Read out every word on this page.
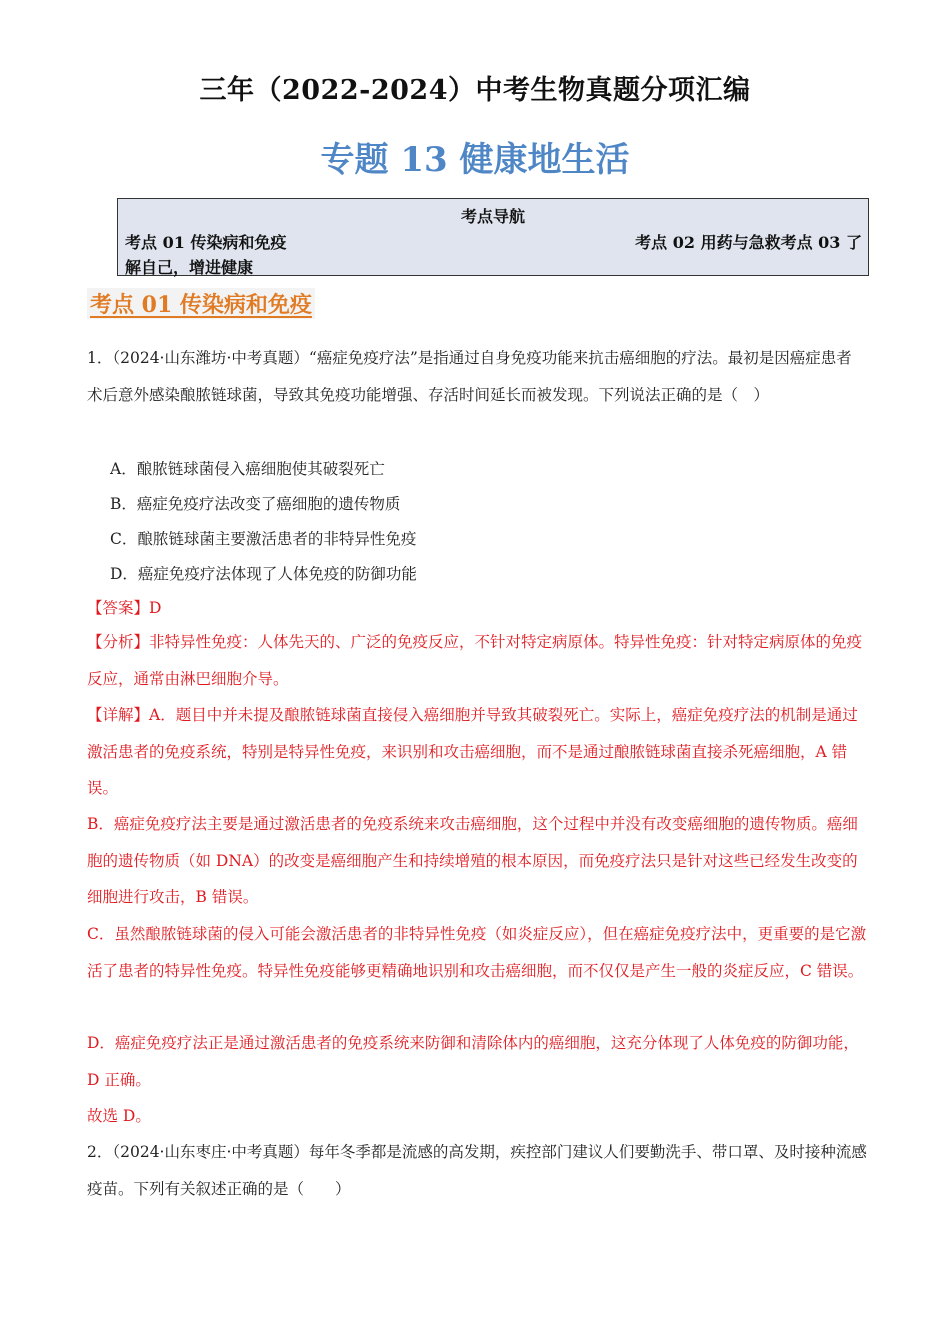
三年（2022-2024）中考生物真题分项汇编
专题 13 健康地生活
考点导航
考点 01 传染病和免疫	考点 02 用药与急救考点 03 了
解自己，增进健康
考点 01 传染病和免疫
1．（2024·山东潍坊·中考真题）“癌症免疫疗法”是指通过自身免疫功能来抗击癌细胞的疗法。最初是因癌症患者术后意外感染酿脓链球菌，导致其免疫功能增强、存活时间延长而被发现。下列说法正确的是（　）
A．酿脓链球菌侵入癌细胞使其破裂死亡
B．癌症免疫疗法改变了癌细胞的遗传物质
C．酿脓链球菌主要激活患者的非特异性免疫
D．癌症免疫疗法体现了人体免疫的防御功能
【答案】D
【分析】非特异性免疫：人体先天的、广泛的免疫反应，不针对特定病原体。特异性免疫：针对特定病原体的免疫反应，通常由淋巴细胞介导。
【详解】A．题目中并未提及酿脓链球菌直接侵入癌细胞并导致其破裂死亡。实际上，癌症免疫疗法的机制是通过激活患者的免疫系统，特别是特异性免疫，来识别和攻击癌细胞，而不是通过酿脓链球菌直接杀死癌细胞，A 错误。
B．癌症免疫疗法主要是通过激活患者的免疫系统来攻击癌细胞，这个过程中并没有改变癌细胞的遗传物质。癌细胞的遗传物质（如 DNA）的改变是癌细胞产生和持续增殖的根本原因，而免疫疗法只是针对这些已经发生改变的细胞进行攻击，B 错误。
C．虽然酿脓链球菌的侵入可能会激活患者的非特异性免疫（如炎症反应），但在癌症免疫疗法中，更重要的是它激活了患者的特异性免疫。特异性免疫能够更精确地识别和攻击癌细胞，而不仅仅是产生一般的炎症反应，C 错误。
D．癌症免疫疗法正是通过激活患者的免疫系统来防御和清除体内的癌细胞，这充分体现了人体免疫的防御功能，D 正确。
故选 D。
2．（2024·山东枣庄·中考真题）每年冬季都是流感的高发期，疾控部门建议人们要勤洗手、带口罩、及时接种流感疫苗。下列有关叙述正确的是（　　）
